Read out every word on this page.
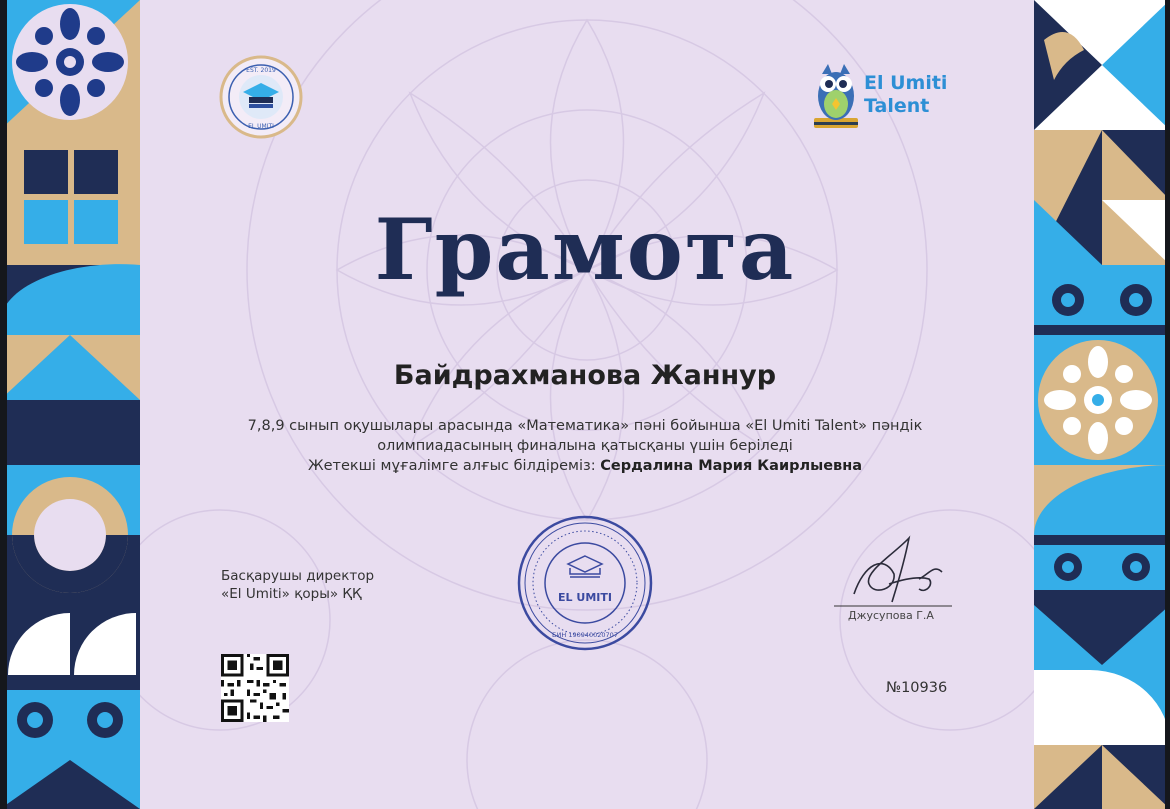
EST. 2019
EL UMITI
El Umiti
Talent
Грамота
Байдрахманова Жаннур
7,8,9 сынып оқушылары арасында «Математика» пәні бойынша «El Umiti Talent» пәндік
олимпиадасының финалына қатысқаны үшін беріледі
Жетекші мұғалімге алғыс білдіреміз: Сердалина Мария Каирлыевна
Басқарушы директор
«El Umiti» қоры» ҚҚ	EL UMITI
БИН 190940020707
Джусупова Г.А
№10936
